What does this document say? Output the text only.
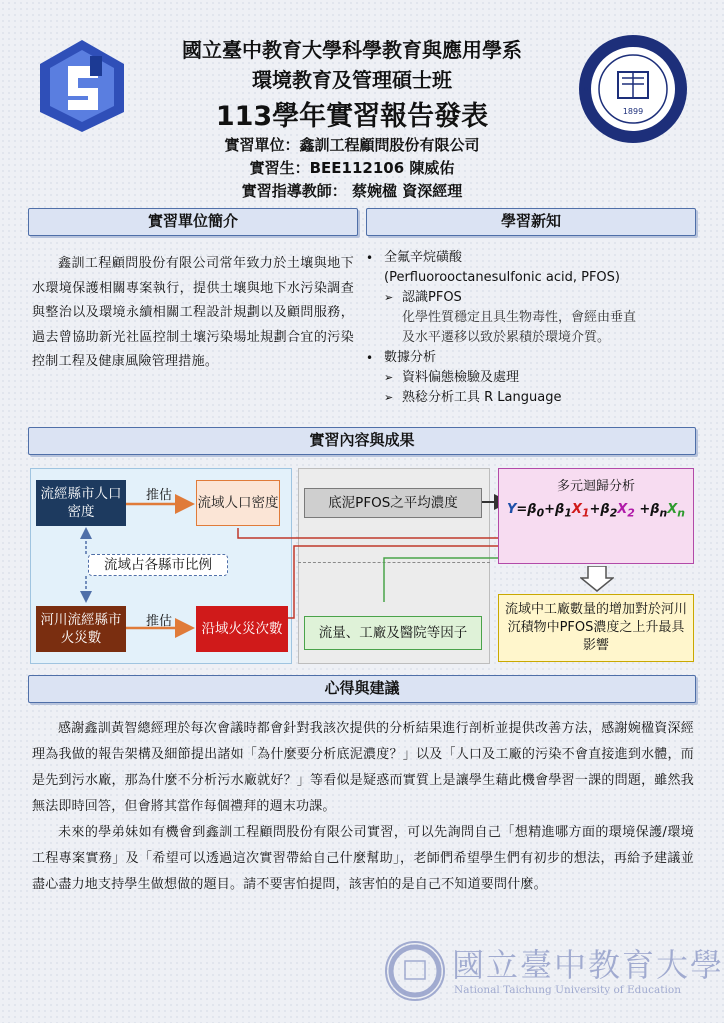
國立臺中教育大學科學教育與應用學系
環境教育及管理碩士班
113學年實習報告發表
實習單位：鑫訓工程顧問股份有限公司
實習生：BEE112106 陳威佑
實習指導教師： 蔡婉楹 資深經理
1899
實習單位簡介	學習新知
鑫訓工程顧問股份有限公司常年致力於土壤與地下水環境保護相關專案執行，提供土壤與地下水污染調查與整治以及環境永續相關工程設計規劃以及顧問服務，過去曾協助新光社區控制土壤污染場址規劃合宜的污染控制工程及健康風險管理措施。
• 全氟辛烷磺酸
(Perfluorooctanesulfonic acid, PFOS)
➢ 認識PFOS
化學性質穩定且具生物毒性，會經由垂直
及水平遷移以致於累積於環境介質。
• 數據分析
➢ 資料偏態檢驗及處理
➢ 熟稔分析工具 R Language
實習內容與成果
流經縣市人口密度
推估 流域人口密度
流域占各縣市比例
河川流經縣市火災數
推估	沿域火災次數
底泥PFOS之平均濃度
流量、工廠及醫院等因子
多元迴歸分析
$Y=\beta_0+\beta_1X_1+\beta_2X_2 +\beta_nX_n$
流域中工廠數量的增加對於河川沉積物中PFOS濃度之上升最具影響
心得與建議

感謝鑫訓黃智總經理於每次會議時都會針對我該次提供的分析結果進行剖析並提供改善方法，感謝婉楹資深經理為我做的報告架構及細節提出諸如「為什麼要分析底泥濃度？」以及「人口及工廠的污染不會直接進到水體，而是先到污水廠，那為什麼不分析污水廠就好？」等看似是疑惑而實質上是讓學生藉此機會學習一課的問題，雖然我無法即時回答，但會將其當作每個禮拜的週末功課。

未來的學弟妹如有機會到鑫訓工程顧問股份有限公司實習，可以先詢問自己「想精進哪方面的環境保護/環境工程專案實務」及「希望可以透過這次實習帶給自己什麼幫助」，老師們希望學生們有初步的想法，再給予建議並盡心盡力地支持學生做想做的題目。請不要害怕提問，該害怕的是自己不知道要問什麼。

國立臺中教育大學
National Taichung University of Education
